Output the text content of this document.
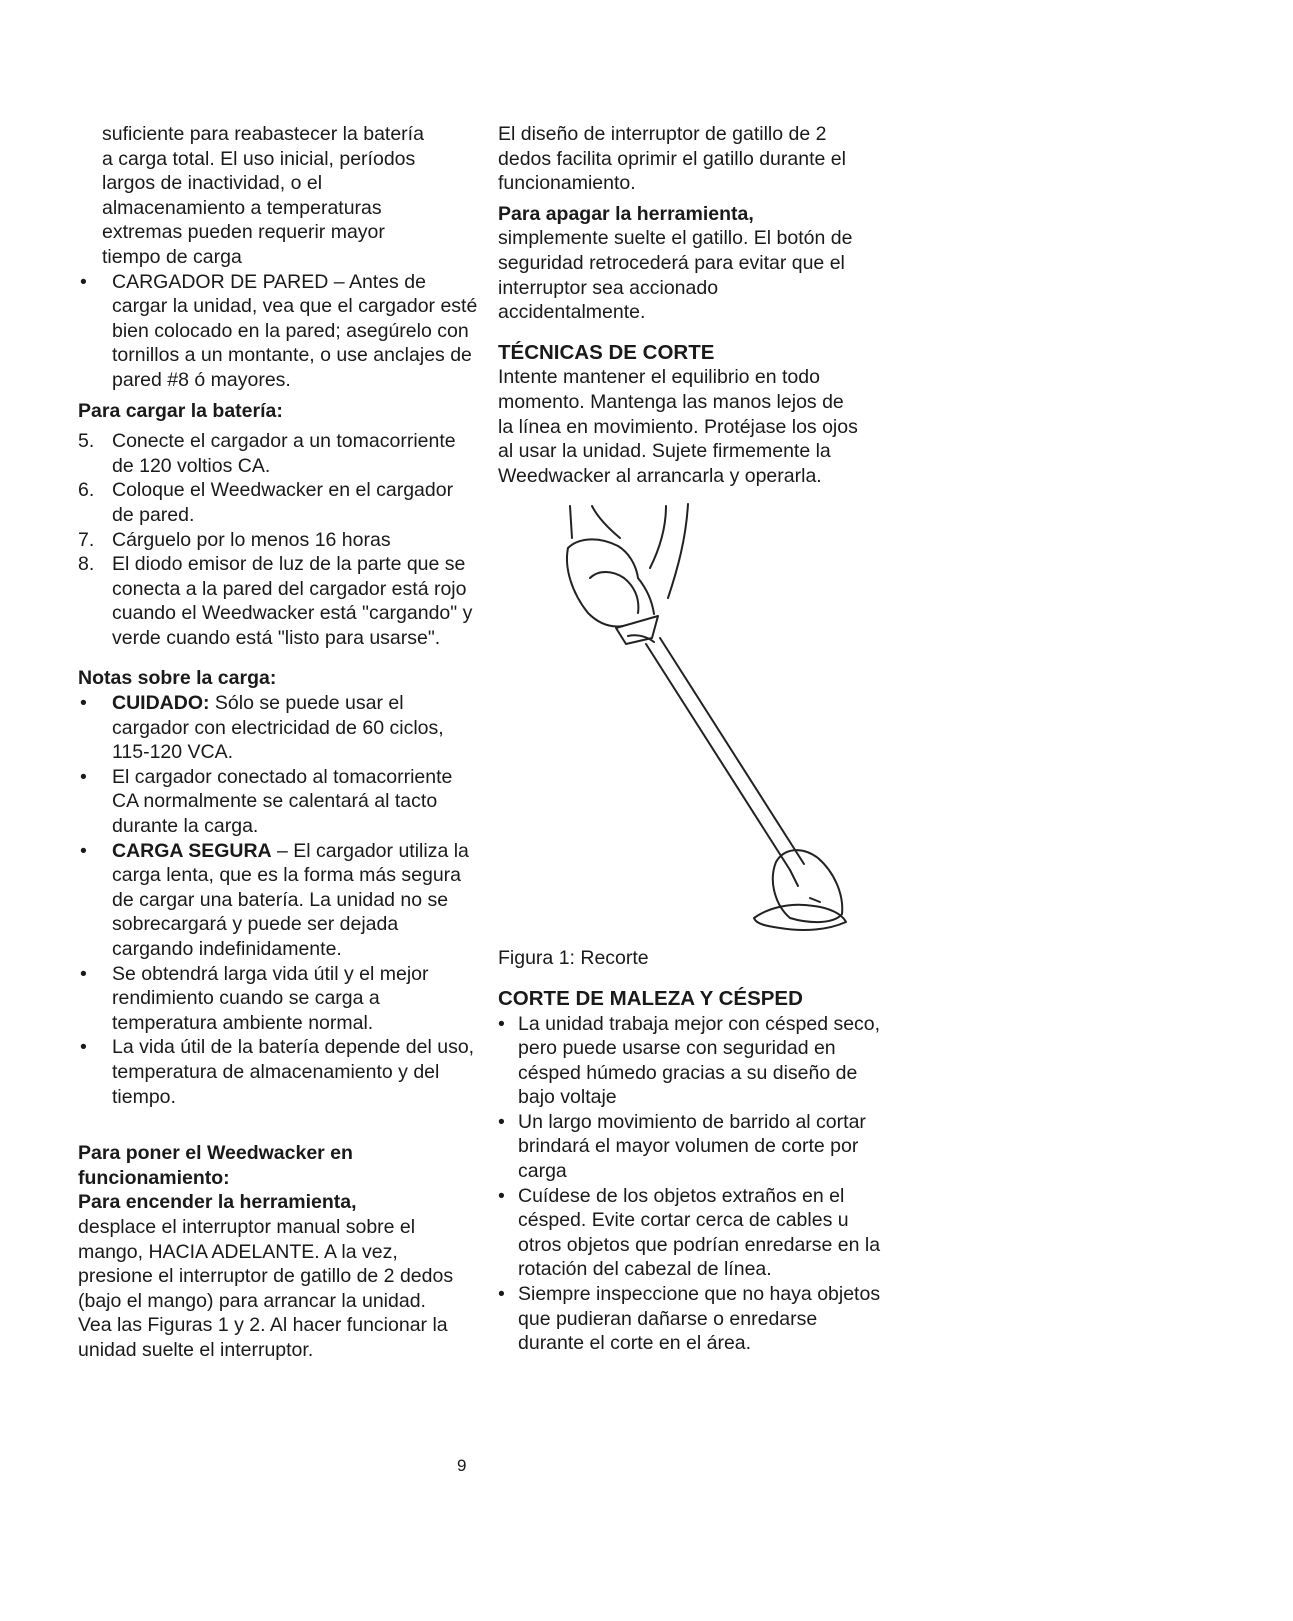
suficiente para reabastecer la batería

a carga total. El uso inicial, períodos

largos de inactividad, o el

almacenamiento a temperaturas

extremas pueden requerir mayor

tiempo de carga

• CARGADOR DE PARED – Antes de cargar la unidad, vea que el cargador esté bien colocado en la pared; asegúrelo con tornillos a un montante, o use anclajes de pared #8 ó mayores.

Para cargar la batería:

5. Conecte el cargador a un tomacorriente de 120 voltios CA.
6. Coloque el Weedwacker en el cargador de pared.
7. Cárguelo por lo menos 16 horas
8. El diodo emisor de luz de la parte que se conecta a la pared del cargador está rojo cuando el Weedwacker está "cargando" y verde cuando está "listo para usarse".

Notas sobre la carga:

• CUIDADO: Sólo se puede usar el cargador con electricidad de 60 ciclos, 115-120 VCA.
• El cargador conectado al tomacorriente CA normalmente se calentará al tacto durante la carga.
• CARGA SEGURA – El cargador utiliza la carga lenta, que es la forma más segura de cargar una batería. La unidad no se sobrecargará y puede ser dejada cargando indefinidamente.
• Se obtendrá larga vida útil y el mejor rendimiento cuando se carga a temperatura ambiente normal.
• La vida útil de la batería depende del uso, temperatura de almacenamiento y del tiempo.

Para poner el Weedwacker en funcionamiento:

Para encender la herramienta,

desplace el interruptor manual sobre el mango, HACIA ADELANTE. A la vez, presione el interruptor de gatillo de 2 dedos (bajo el mango) para arrancar la unidad. Vea las Figuras 1 y 2. Al hacer funcionar la unidad suelte el interruptor.

El diseño de interruptor de gatillo de 2 dedos facilita oprimir el gatillo durante el funcionamiento.

Para apagar la herramienta,

simplemente suelte el gatillo. El botón de seguridad retrocederá para evitar que el interruptor sea accionado accidentalmente.

TÉCNICAS DE CORTE

Intente mantener el equilibrio en todo momento. Mantenga las manos lejos de la línea en movimiento. Protéjase los ojos al usar la unidad. Sujete firmemente la Weedwacker al arrancarla y operarla.

Figura 1: Recorte

CORTE DE MALEZA Y CÉSPED

• La unidad trabaja mejor con césped seco, pero puede usarse con seguridad en césped húmedo gracias a su diseño de bajo voltaje
• Un largo movimiento de barrido al cortar brindará el mayor volumen de corte por carga
• Cuídese de los objetos extraños en el césped. Evite cortar cerca de cables u otros objetos que podrían enredarse en la rotación del cabezal de línea.
• Siempre inspeccione que no haya objetos que pudieran dañarse o enredarse durante el corte en el área.
9
